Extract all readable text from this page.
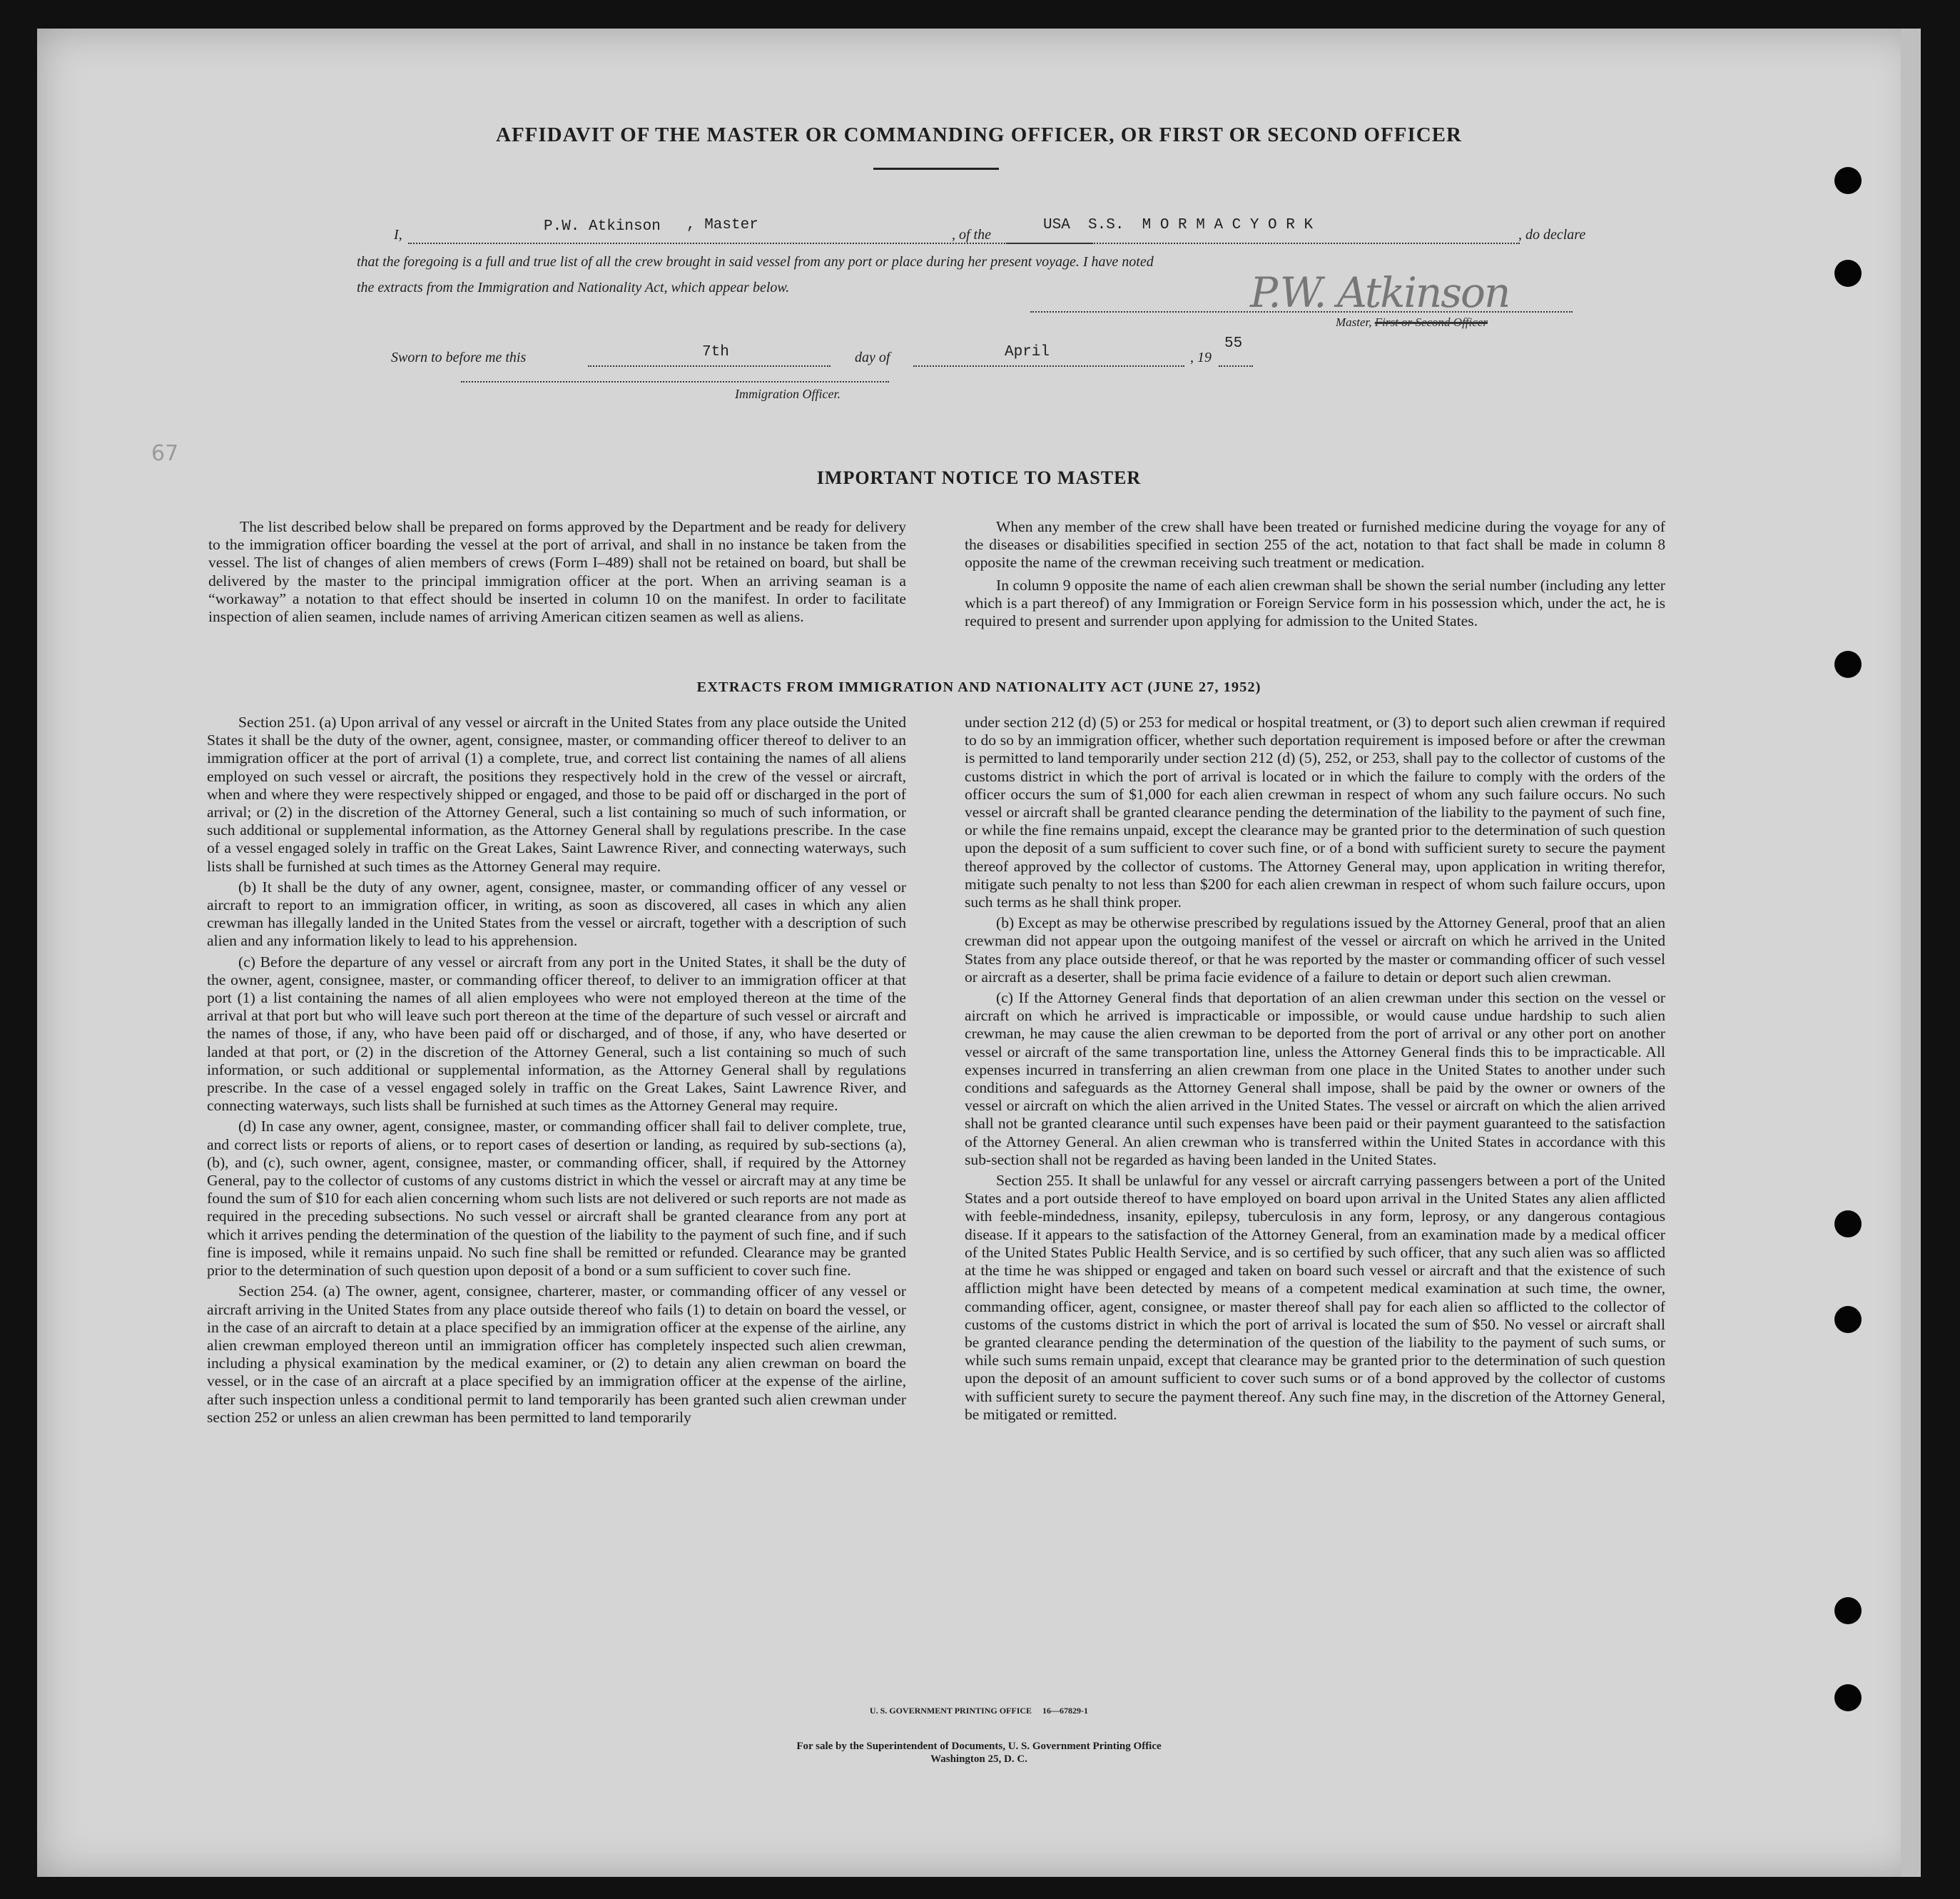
67
AFFIDAVIT OF THE MASTER OR COMMANDING OFFICER, OR FIRST OR SECOND OFFICER
I,	P.W. Atkinson , Master
, of the
USA  S.S.  M O R M A C Y O R K
, do declare
that the foregoing is a full and true list of all the crew brought in said vessel from any port or place during her present voyage. I have noted
the extracts from the Immigration and Nationality Act, which appear below.	P.W. Atkinson
Master, First or Second Officer
Sworn to before me this	7th	day of	April	, 19
55
Immigration Officer.
IMPORTANT NOTICE TO MASTER

The list described below shall be prepared on forms approved by the Department and be ready for delivery to the immigration officer boarding the vessel at the port of arrival, and shall in no instance be taken from the vessel. The list of changes of alien members of crews (Form I–489) shall not be retained on board, but shall be delivered by the master to the principal immigration officer at the port. When an arriving seaman is a “workaway” a notation to that effect should be inserted in column 10 on the manifest. In order to facilitate inspection of alien seamen, include names of arriving American citizen seamen as well as aliens.

When any member of the crew shall have been treated or furnished medicine during the voyage for any of the diseases or disabilities specified in section 255 of the act, notation to that fact shall be made in column 8 opposite the name of the crewman receiving such treatment or medication.

In column 9 opposite the name of each alien crewman shall be shown the serial number (including any letter which is a part thereof) of any Immigration or Foreign Service form in his possession which, under the act, he is required to present and surrender upon applying for admission to the United States.

EXTRACTS FROM IMMIGRATION AND NATIONALITY ACT (JUNE 27, 1952)

Section 251. (a) Upon arrival of any vessel or aircraft in the United States from any place outside the United States it shall be the duty of the owner, agent, consignee, master, or commanding officer thereof to deliver to an immigration officer at the port of arrival (1) a complete, true, and correct list containing the names of all aliens employed on such vessel or aircraft, the positions they respectively hold in the crew of the vessel or aircraft, when and where they were respectively shipped or engaged, and those to be paid off or discharged in the port of arrival; or (2) in the discretion of the Attorney General, such a list containing so much of such information, or such additional or supplemental information, as the Attorney General shall by regulations prescribe. In the case of a vessel engaged solely in traffic on the Great Lakes, Saint Lawrence River, and connecting waterways, such lists shall be furnished at such times as the Attorney General may require.

(b) It shall be the duty of any owner, agent, consignee, master, or commanding officer of any vessel or aircraft to report to an immigration officer, in writing, as soon as discovered, all cases in which any alien crewman has illegally landed in the United States from the vessel or aircraft, together with a description of such alien and any information likely to lead to his apprehension.

(c) Before the departure of any vessel or aircraft from any port in the United States, it shall be the duty of the owner, agent, consignee, master, or commanding officer thereof, to deliver to an immigration officer at that port (1) a list containing the names of all alien employees who were not employed thereon at the time of the arrival at that port but who will leave such port thereon at the time of the departure of such vessel or aircraft and the names of those, if any, who have been paid off or discharged, and of those, if any, who have deserted or landed at that port, or (2) in the discretion of the Attorney General, such a list containing so much of such information, or such additional or supplemental information, as the Attorney General shall by regulations prescribe. In the case of a vessel engaged solely in traffic on the Great Lakes, Saint Lawrence River, and connecting waterways, such lists shall be furnished at such times as the Attorney General may require.

(d) In case any owner, agent, consignee, master, or commanding officer shall fail to deliver complete, true, and correct lists or reports of aliens, or to report cases of desertion or landing, as required by sub-sections (a), (b), and (c), such owner, agent, consignee, master, or commanding officer, shall, if required by the Attorney General, pay to the collector of customs of any customs district in which the vessel or aircraft may at any time be found the sum of $10 for each alien concerning whom such lists are not delivered or such reports are not made as required in the preceding subsections. No such vessel or aircraft shall be granted clearance from any port at which it arrives pending the determination of the question of the liability to the payment of such fine, and if such fine is imposed, while it remains unpaid. No such fine shall be remitted or refunded. Clearance may be granted prior to the determination of such question upon deposit of a bond or a sum sufficient to cover such fine.

Section 254. (a) The owner, agent, consignee, charterer, master, or commanding officer of any vessel or aircraft arriving in the United States from any place outside thereof who fails (1) to detain on board the vessel, or in the case of an aircraft to detain at a place specified by an immigration officer at the expense of the airline, any alien crewman employed thereon until an immigration officer has completely inspected such alien crewman, including a physical examination by the medical examiner, or (2) to detain any alien crewman on board the vessel, or in the case of an aircraft at a place specified by an immigration officer at the expense of the airline, after such inspection unless a conditional permit to land temporarily has been granted such alien crewman under section 252 or unless an alien crewman has been permitted to land temporarily

under section 212 (d) (5) or 253 for medical or hospital treatment, or (3) to deport such alien crewman if required to do so by an immigration officer, whether such deportation requirement is imposed before or after the crewman is permitted to land temporarily under section 212 (d) (5), 252, or 253, shall pay to the collector of customs of the customs district in which the port of arrival is located or in which the failure to comply with the orders of the officer occurs the sum of $1,000 for each alien crewman in respect of whom any such failure occurs. No such vessel or aircraft shall be granted clearance pending the determination of the liability to the payment of such fine, or while the fine remains unpaid, except the clearance may be granted prior to the determination of such question upon the deposit of a sum sufficient to cover such fine, or of a bond with sufficient surety to secure the payment thereof approved by the collector of customs. The Attorney General may, upon application in writing therefor, mitigate such penalty to not less than $200 for each alien crewman in respect of whom such failure occurs, upon such terms as he shall think proper.

(b) Except as may be otherwise prescribed by regulations issued by the Attorney General, proof that an alien crewman did not appear upon the outgoing manifest of the vessel or aircraft on which he arrived in the United States from any place outside thereof, or that he was reported by the master or commanding officer of such vessel or aircraft as a deserter, shall be prima facie evidence of a failure to detain or deport such alien crewman.

(c) If the Attorney General finds that deportation of an alien crewman under this section on the vessel or aircraft on which he arrived is impracticable or impossible, or would cause undue hardship to such alien crewman, he may cause the alien crewman to be deported from the port of arrival or any other port on another vessel or aircraft of the same transportation line, unless the Attorney General finds this to be impracticable. All expenses incurred in transferring an alien crewman from one place in the United States to another under such conditions and safeguards as the Attorney General shall impose, shall be paid by the owner or owners of the vessel or aircraft on which the alien arrived in the United States. The vessel or aircraft on which the alien arrived shall not be granted clearance until such expenses have been paid or their payment guaranteed to the satisfaction of the Attorney General. An alien crewman who is transferred within the United States in accordance with this sub-section shall not be regarded as having been landed in the United States.

Section 255. It shall be unlawful for any vessel or aircraft carrying passengers between a port of the United States and a port outside thereof to have employed on board upon arrival in the United States any alien afflicted with feeble-mindedness, insanity, epilepsy, tuberculosis in any form, leprosy, or any dangerous contagious disease. If it appears to the satisfaction of the Attorney General, from an examination made by a medical officer of the United States Public Health Service, and is so certified by such officer, that any such alien was so afflicted at the time he was shipped or engaged and taken on board such vessel or aircraft and that the existence of such affliction might have been detected by means of a competent medical examination at such time, the owner, commanding officer, agent, consignee, or master thereof shall pay for each alien so afflicted to the collector of customs of the customs district in which the port of arrival is located the sum of $50. No vessel or aircraft shall be granted clearance pending the determination of the question of the liability to the payment of such sums, or while such sums remain unpaid, except that clearance may be granted prior to the determination of such question upon the deposit of an amount sufficient to cover such sums or of a bond approved by the collector of customs with sufficient surety to secure the payment thereof. Any such fine may, in the discretion of the Attorney General, be mitigated or remitted.

U. S. GOVERNMENT PRINTING OFFICE     16—67829-1
For sale by the Superintendent of Documents, U. S. Government Printing Office
Washington 25, D. C.
